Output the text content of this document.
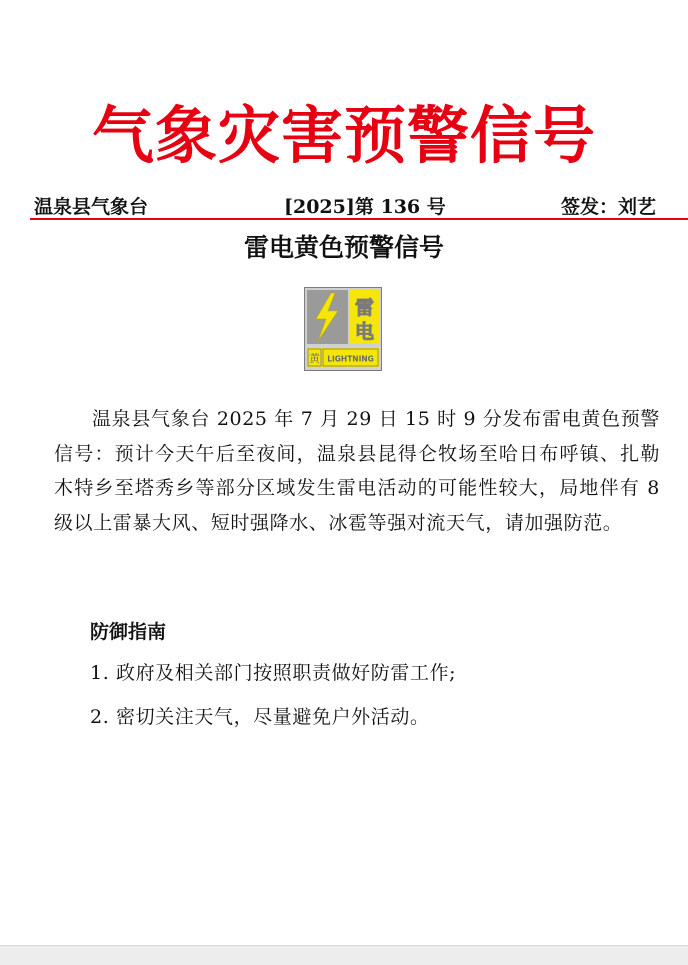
气象灾害预警信号
温泉县气象台	[2025]第 136 号	签发：刘艺
雷电黄色预警信号
雷
电
黄 LIGHTNING

温泉县气象台 2025 年 7 月 29 日 15 时 9 分发布雷电黄色预警信号：预计今天午后至夜间，温泉县昆得仑牧场至哈日布呼镇、扎勒木特乡至塔秀乡等部分区域发生雷电活动的可能性较大，局地伴有 8 级以上雷暴大风、短时强降水、冰雹等强对流天气，请加强防范。

防御指南
1. 政府及相关部门按照职责做好防雷工作;
2. 密切关注天气，尽量避免户外活动。
